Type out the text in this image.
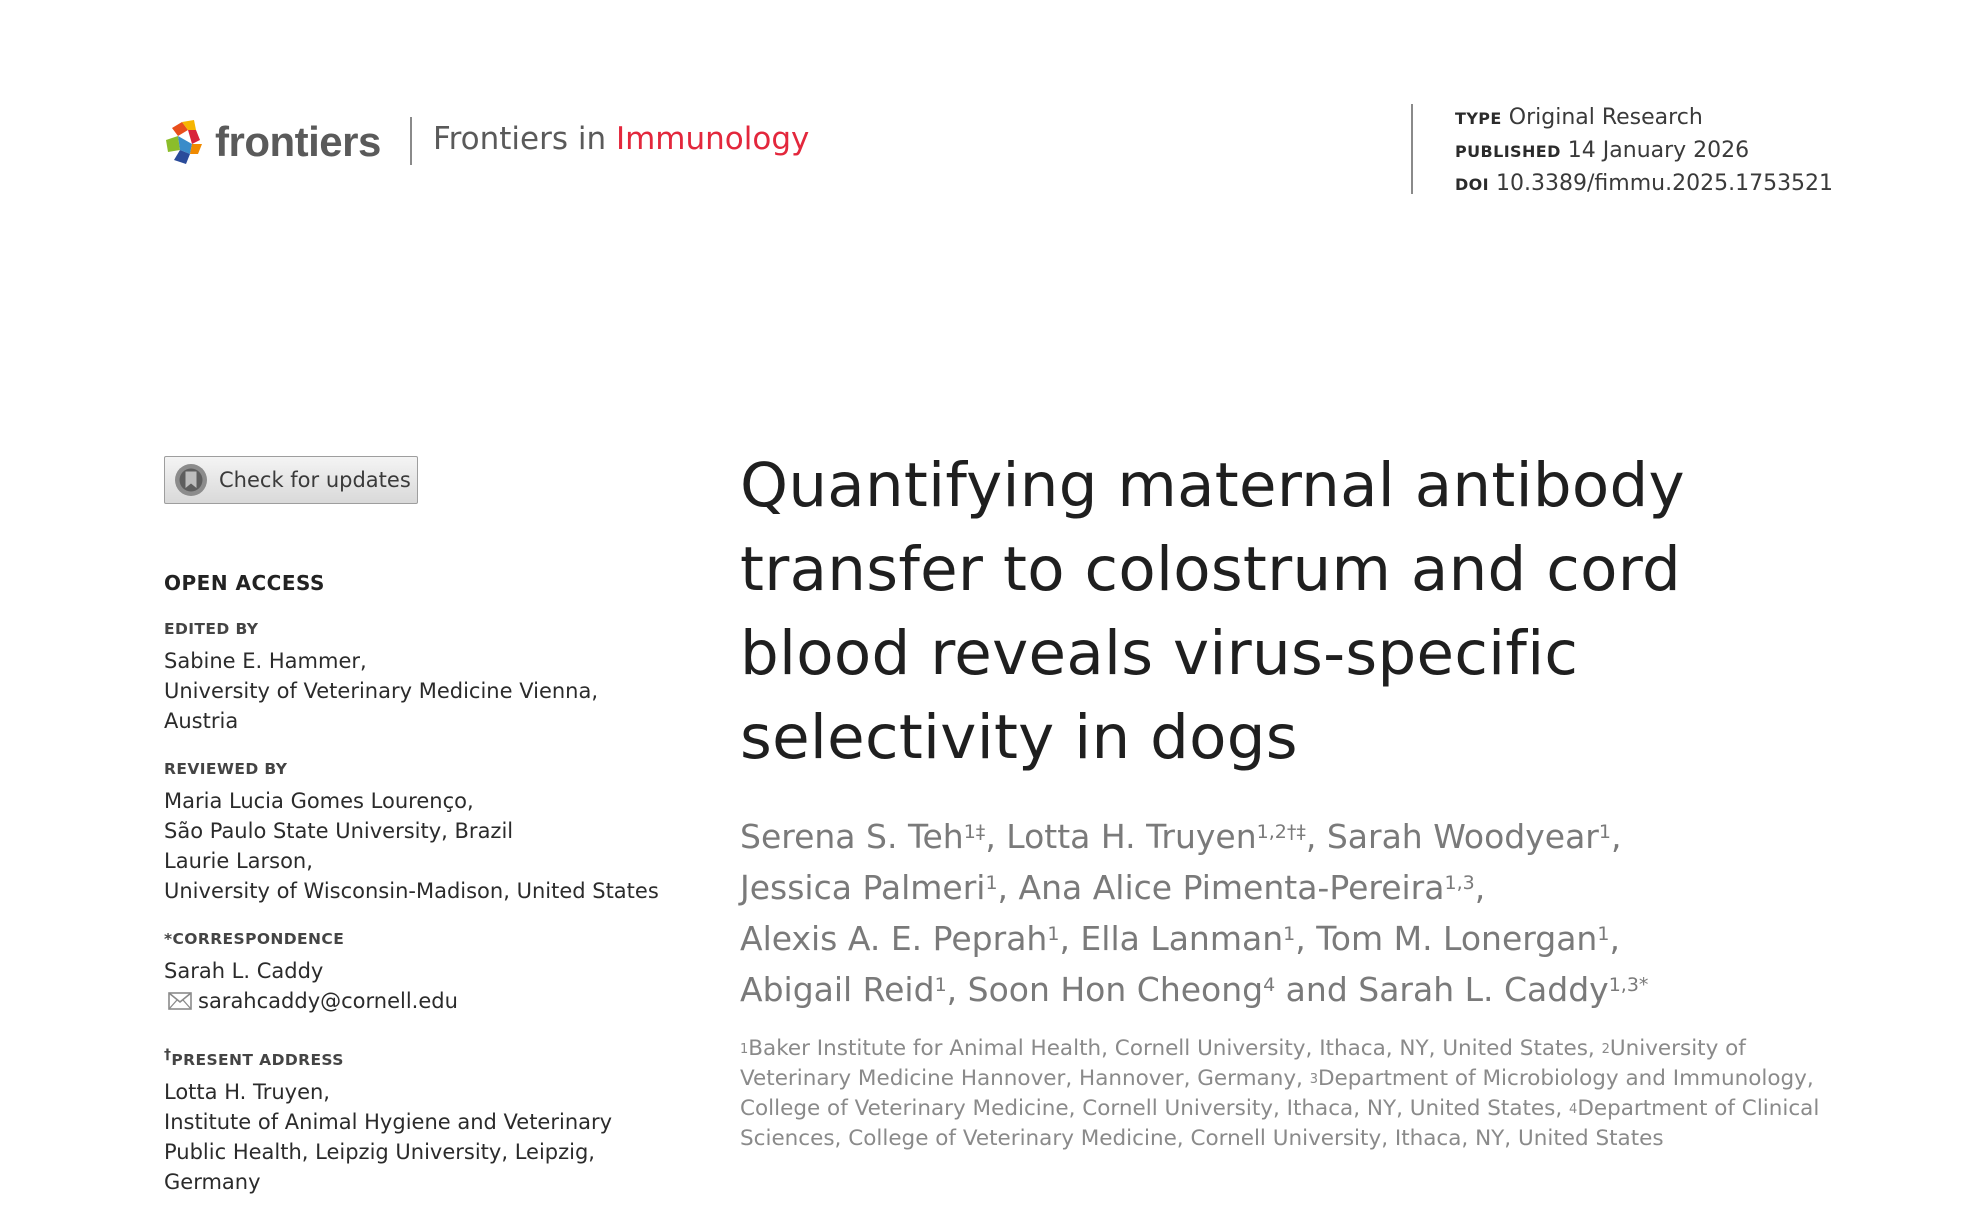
frontiers Frontiers in Immunology
TYPE Original Research
PUBLISHED 14 January 2026
DOI 10.3389/fimmu.2025.1753521
Check for updates
OPEN ACCESS
EDITED BY
Sabine E. Hammer,
University of Veterinary Medicine Vienna,
Austria
REVIEWED BY
Maria Lucia Gomes Lourenço,
São Paulo State University, Brazil
Laurie Larson,
University of Wisconsin-Madison, United States
*CORRESPONDENCE
Sarah L. Caddy
sarahcaddy@cornell.edu
†PRESENT ADDRESS
Lotta H. Truyen,
Institute of Animal Hygiene and Veterinary
Public Health, Leipzig University, Leipzig,
Germany
Quantifying maternal antibody
transfer to colostrum and cord
blood reveals virus-specific
selectivity in dogs
Serena S. Teh$^{1\ddagger}$, Lotta H. Truyen$^{1,2\dagger\ddagger}$, Sarah Woodyear$^1$,
Jessica Palmeri$^1$, Ana Alice Pimenta-Pereira$^{1,3}$,
Alexis A. E. Peprah$^1$, Ella Lanman$^1$, Tom M. Lonergan$^1$,
Abigail Reid$^1$, Soon Hon Cheong$^4$ and Sarah L. Caddy$^{1,3*}$
$^1$Baker Institute for Animal Health, Cornell University, Ithaca, NY, United States, $^2$University of Veterinary Medicine Hannover, Hannover, Germany, $^3$Department of Microbiology and Immunology, College of Veterinary Medicine, Cornell University, Ithaca, NY, United States, $^4$Department of Clinical Sciences, College of Veterinary Medicine, Cornell University, Ithaca, NY, United States
